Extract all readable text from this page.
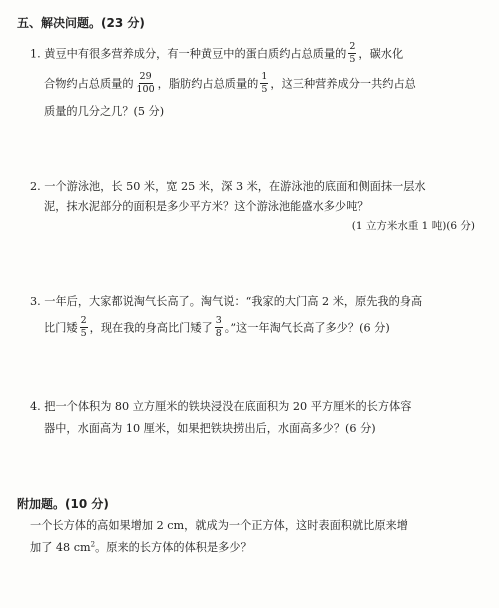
五、解决问题。(23 分)
1. 黄豆中有很多营养成分，有一种黄豆中的蛋白质约占总质量的 $\frac{2}{5}$ ，碳水化
合物约占总质量的 $\frac{29}{100}$ ，脂肪约占总质量的 $\frac{1}{5}$ ，这三种营养成分一共约占总
质量的几分之几？(5 分)
2. 一个游泳池，长 50 米，宽 25 米，深 3 米，在游泳池的底面和侧面抹一层水
泥，抹水泥部分的面积是多少平方米？这个游泳池能盛水多少吨？
(1 立方米水重 1 吨)(6 分)
3. 一年后，大家都说淘气长高了。淘气说：“我家的大门高 2 米，原先我的身高
比门矮 $\frac{2}{5}$ ，现在我的身高比门矮了 $\frac{3}{8}$ 。”这一年淘气长高了多少？(6 分)
4. 把一个体积为 80 立方厘米的铁块浸没在底面积为 20 平方厘米的长方体容
器中，水面高为 10 厘米，如果把铁块捞出后，水面高多少？(6 分)
附加题。(10 分)
一个长方体的高如果增加 2 cm，就成为一个正方体，这时表面积就比原来增
加了 48 $cm^2$。原来的长方体的体积是多少？
